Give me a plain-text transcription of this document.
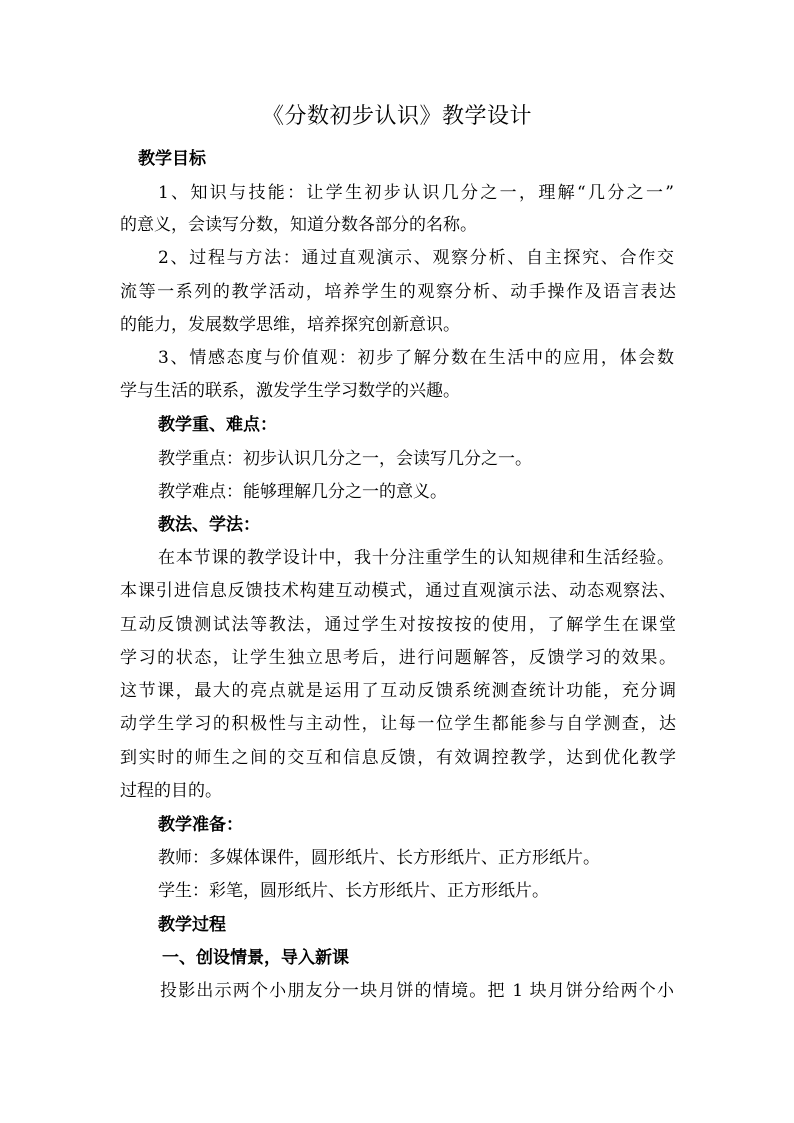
《分数初步认识》教学设计
教学目标
1、知识与技能：让学生初步认识几分之一，理解“几分之一”
的意义，会读写分数，知道分数各部分的名称。
2、过程与方法：通过直观演示、观察分析、自主探究、合作交
流等一系列的教学活动，培养学生的观察分析、动手操作及语言表达
的能力，发展数学思维，培养探究创新意识。
3、情感态度与价值观：初步了解分数在生活中的应用，体会数
学与生活的联系，激发学生学习数学的兴趣。
教学重、难点：
教学重点：初步认识几分之一，会读写几分之一。
教学难点：能够理解几分之一的意义。
教法、学法：
在本节课的教学设计中，我十分注重学生的认知规律和生活经验。
本课引进信息反馈技术构建互动模式，通过直观演示法、动态观察法、
互动反馈测试法等教法，通过学生对按按按的使用，了解学生在课堂
学习的状态，让学生独立思考后，进行问题解答，反馈学习的效果。
这节课，最大的亮点就是运用了互动反馈系统测查统计功能，充分调
动学生学习的积极性与主动性，让每一位学生都能参与自学测查，达
到实时的师生之间的交互和信息反馈，有效调控教学，达到优化教学
过程的目的。
教学准备：
教师：多媒体课件，圆形纸片、长方形纸片、正方形纸片。
学生：彩笔，圆形纸片、长方形纸片、正方形纸片。
教学过程
一、创设情景，导入新课
投影出示两个小朋友分一块月饼的情境。把 1 块月饼分给两个小
